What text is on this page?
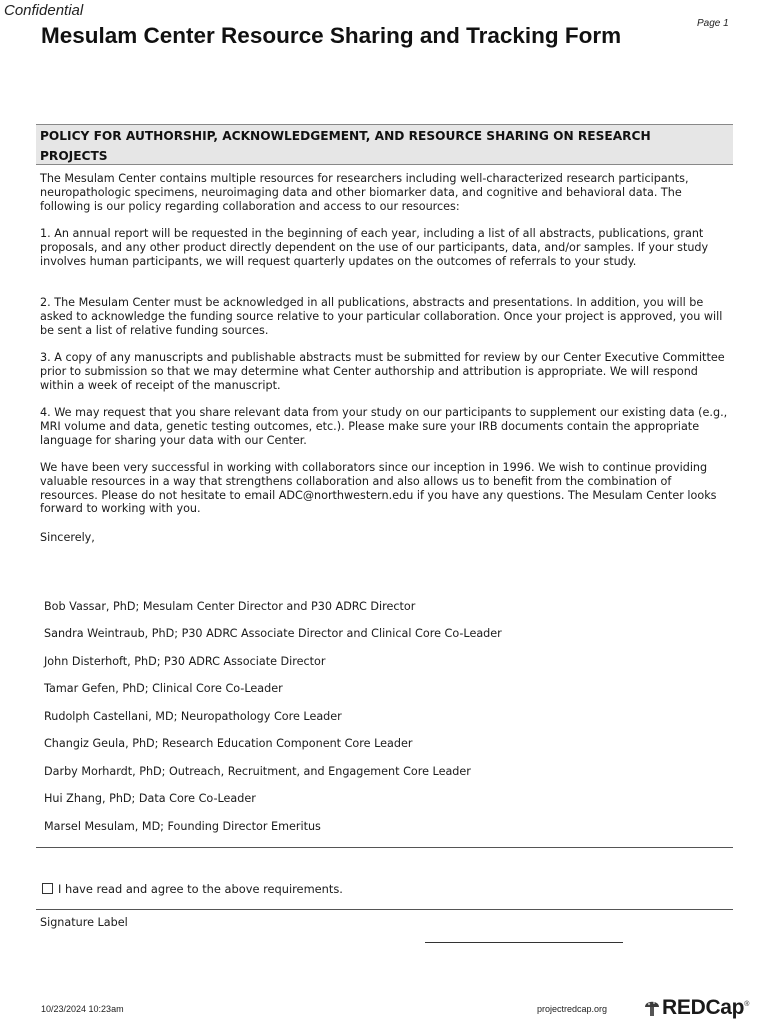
Confidential
Page 1
Mesulam Center Resource Sharing and Tracking Form
POLICY FOR AUTHORSHIP, ACKNOWLEDGEMENT, AND RESOURCE SHARING ON RESEARCH PROJECTS
The Mesulam Center contains multiple resources for researchers including well-characterized research participants, neuropathologic specimens, neuroimaging data and other biomarker data, and cognitive and behavioral data. The following is our policy regarding collaboration and access to our resources:
1. An annual report will be requested in the beginning of each year, including a list of all abstracts, publications, grant proposals, and any other product directly dependent on the use of our participants, data, and/or samples. If your study involves human participants, we will request quarterly updates on the outcomes of referrals to your study.
2. The Mesulam Center must be acknowledged in all publications, abstracts and presentations. In addition, you will be asked to acknowledge the funding source relative to your particular collaboration. Once your project is approved, you will be sent a list of relative funding sources.
3. A copy of any manuscripts and publishable abstracts must be submitted for review by our Center Executive Committee prior to submission so that we may determine what Center authorship and attribution is appropriate. We will respond within a week of receipt of the manuscript.
4. We may request that you share relevant data from your study on our participants to supplement our existing data (e.g., MRI volume and data, genetic testing outcomes, etc.). Please make sure your IRB documents contain the appropriate language for sharing your data with our Center.
We have been very successful in working with collaborators since our inception in 1996. We wish to continue providing valuable resources in a way that strengthens collaboration and also allows us to benefit from the combination of resources. Please do not hesitate to email ADC@northwestern.edu if you have any questions. The Mesulam Center looks forward to working with you.
Sincerely,
Bob Vassar, PhD; Mesulam Center Director and P30 ADRC Director
Sandra Weintraub, PhD; P30 ADRC Associate Director and Clinical Core Co-Leader
John Disterhoft, PhD; P30 ADRC Associate Director
Tamar Gefen, PhD; Clinical Core Co-Leader
Rudolph Castellani, MD; Neuropathology Core Leader
Changiz Geula, PhD; Research Education Component Core Leader
Darby Morhardt, PhD; Outreach, Recruitment, and Engagement Core Leader
Hui Zhang, PhD; Data Core Co-Leader
Marsel Mesulam, MD; Founding Director Emeritus
I have read and agree to the above requirements.
Signature Label
10/23/2024 10:23am	projectredcap.org	REDCap®
